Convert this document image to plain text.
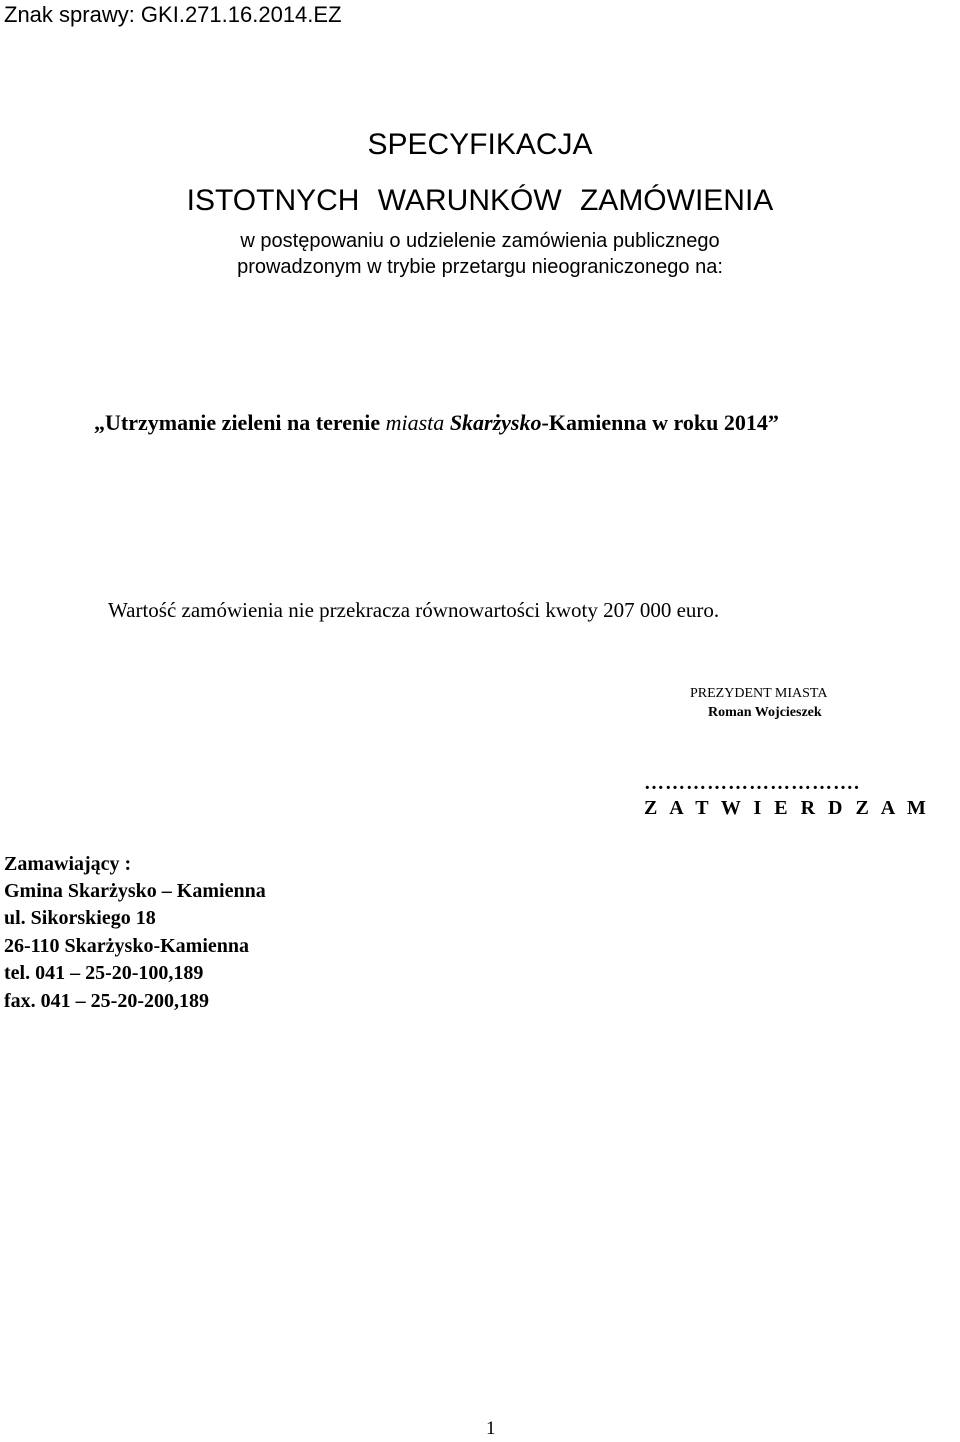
Znak sprawy: GKI.271.16.2014.EZ
SPECYFIKACJA
ISTOTNYCH WARUNKÓW ZAMÓWIENIA
w postępowaniu o udzielenie zamówienia publicznego
prowadzonym w trybie przetargu nieograniczonego na:
„Utrzymanie zieleni na terenie miasta Skarżysko-Kamienna w roku 2014”
Wartość zamówienia nie przekracza równowartości kwoty 207 000 euro.
PREZYDENT MIASTA
Roman Wojcieszek
………………………….
Z A T W I E R D Z A M
Zamawiający :
Gmina Skarżysko – Kamienna
ul. Sikorskiego 18
26-110 Skarżysko-Kamienna
tel. 041 – 25-20-100,189
fax. 041 – 25-20-200,189
1
